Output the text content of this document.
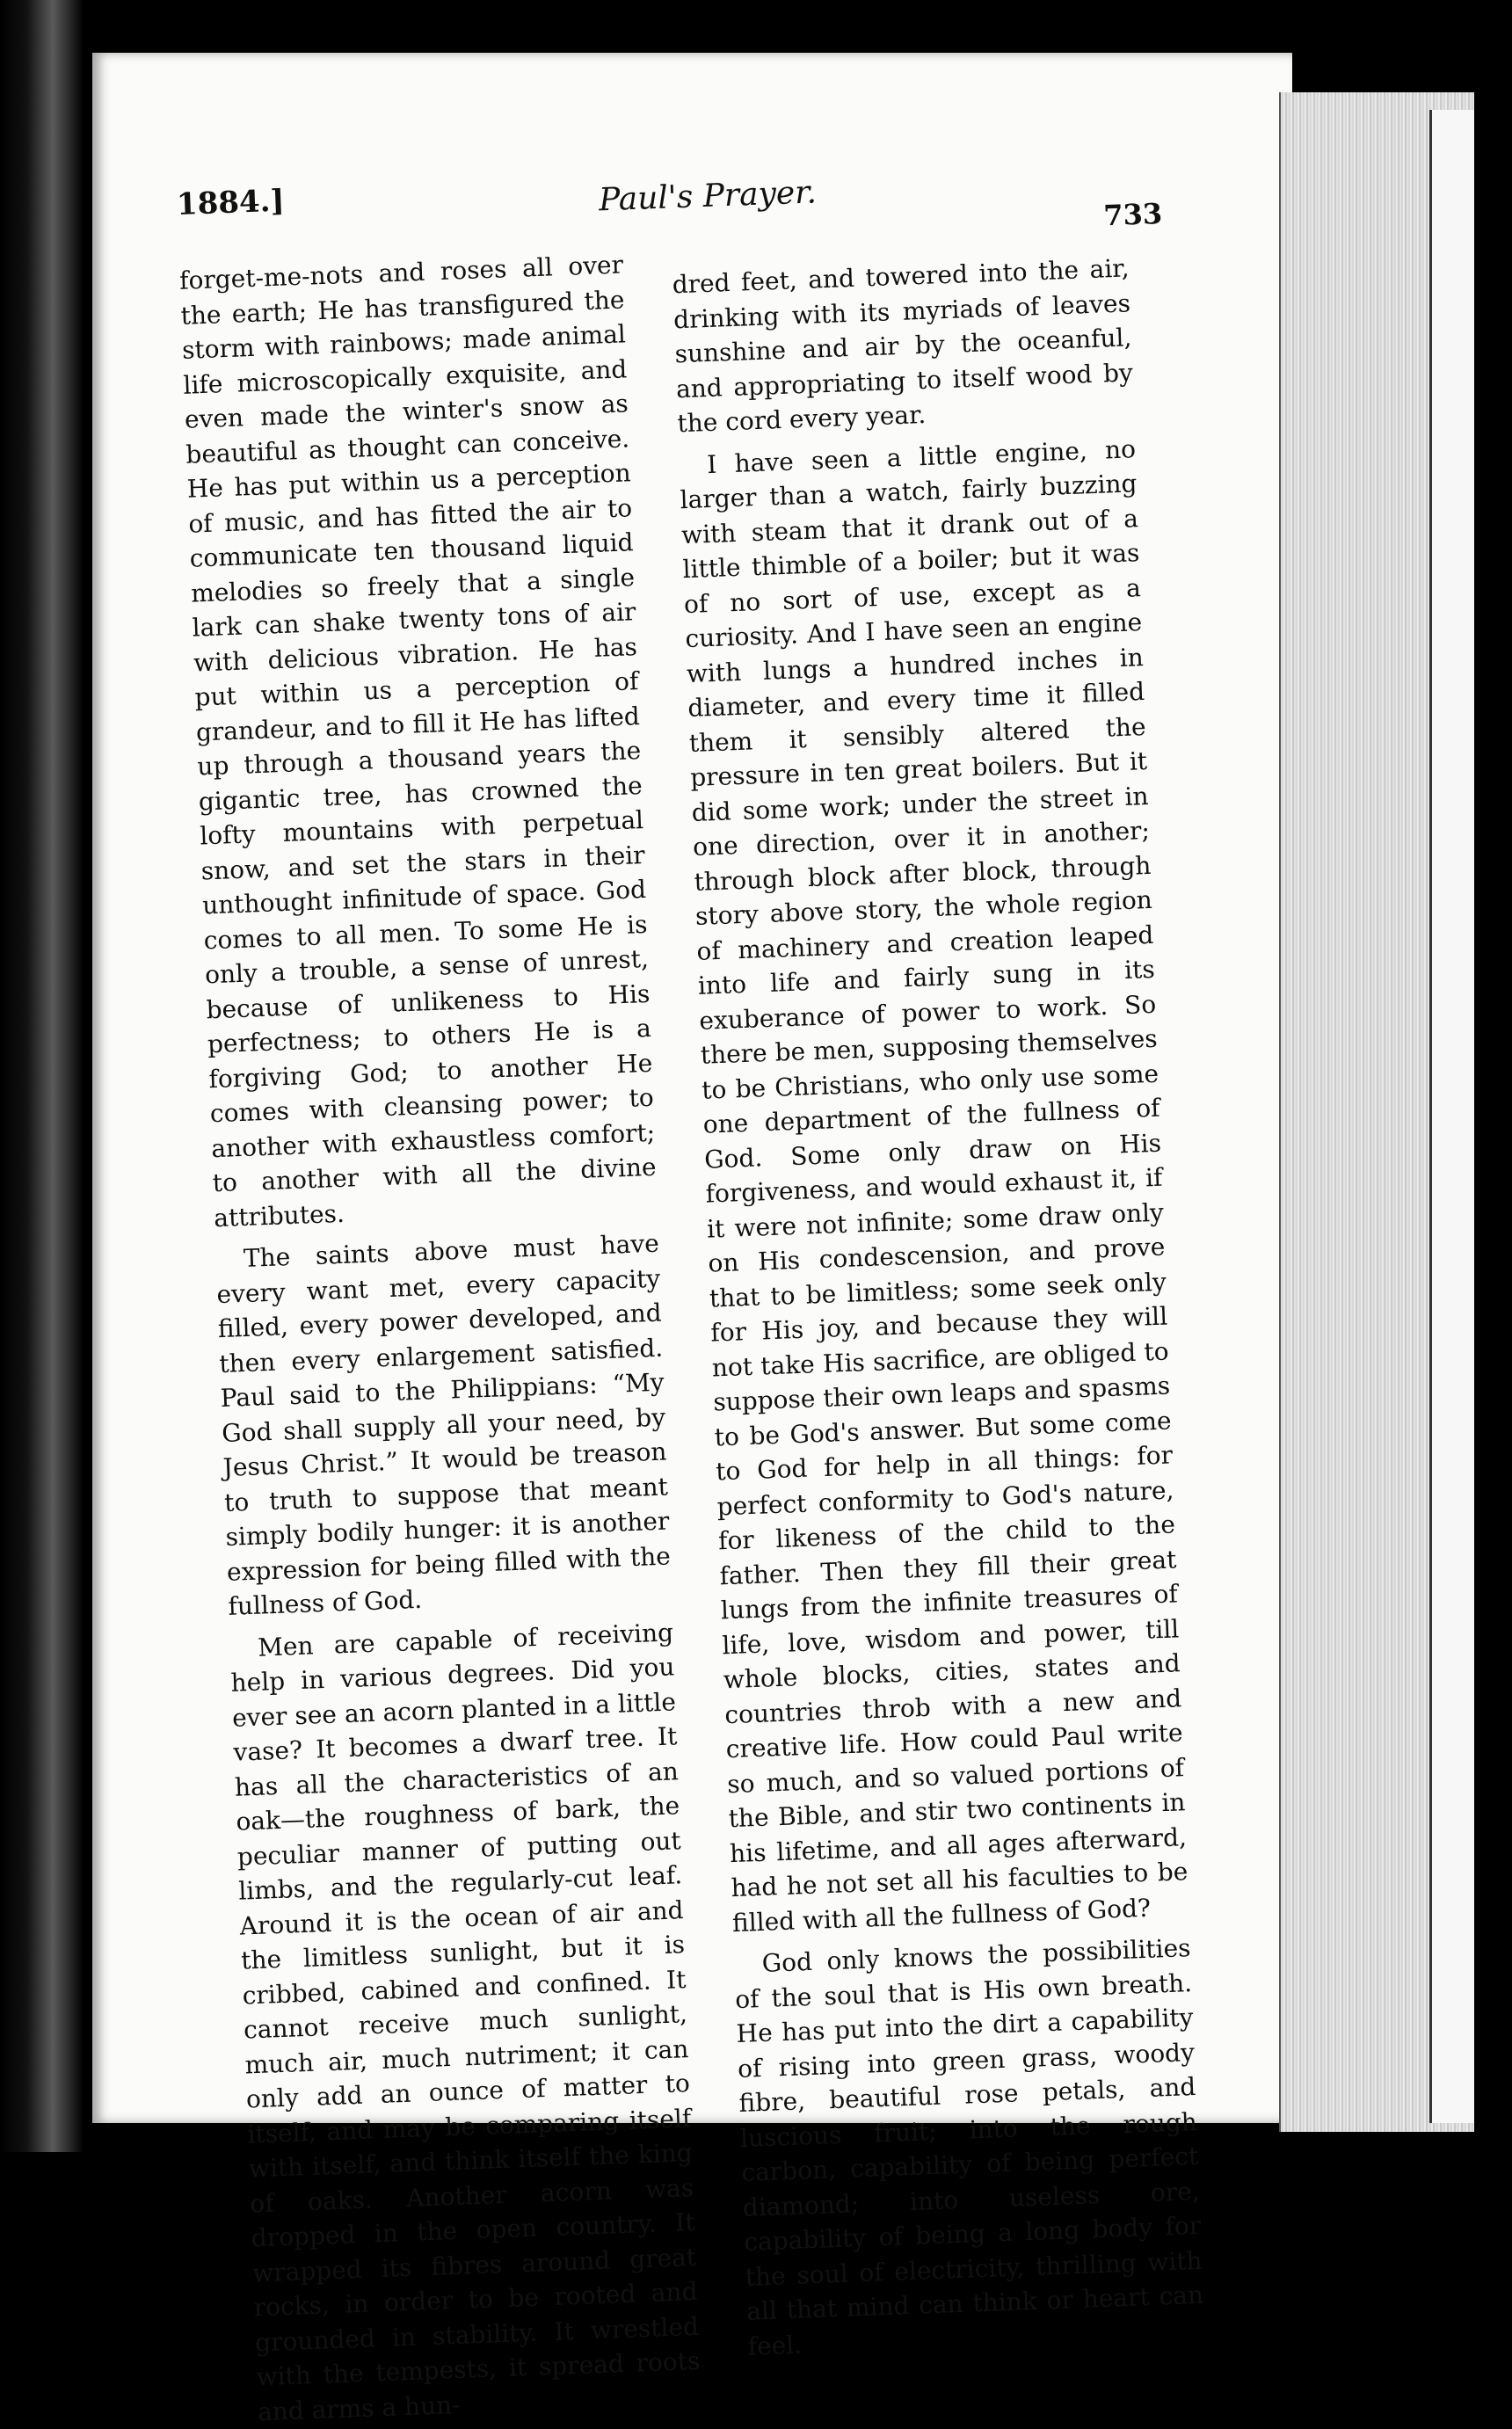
1884.]	Paul's Prayer.	733

forget-me-nots and roses all over the earth; He has transfigured the storm with rainbows; made animal life microscopically exquisite, and even made the winter's snow as beautiful as thought can conceive. He has put within us a perception of music, and has fitted the air to communicate ten thousand liquid melodies so freely that a single lark can shake twenty tons of air with delicious vibration. He has put within us a perception of grandeur, and to fill it He has lifted up through a thousand years the gigantic tree, has crowned the lofty mountains with perpetual snow, and set the stars in their unthought infinitude of space. God comes to all men. To some He is only a trouble, a sense of unrest, because of unlikeness to His perfectness; to others He is a forgiving God; to another He comes with cleansing power; to another with exhaustless comfort; to another with all the divine attributes.

The saints above must have every want met, every capacity filled, every power developed, and then every enlargement satisfied. Paul said to the Philippians: “My God shall supply all your need, by Jesus Christ.” It would be treason to truth to suppose that meant simply bodily hunger: it is another expression for being filled with the fullness of God.

Men are capable of receiving help in various degrees. Did you ever see an acorn planted in a little vase? It becomes a dwarf tree. It has all the characteristics of an oak—the roughness of bark, the peculiar manner of putting out limbs, and the regularly-cut leaf. Around it is the ocean of air and the limitless sunlight, but it is cribbed, cabined and confined. It cannot receive much sunlight, much air, much nutriment; it can only add an ounce of matter to itself, and may be comparing itself with itself, and think itself the king of oaks. Another acorn was dropped in the open country. It wrapped its fibres around great rocks, in order to be rooted and grounded in stability. It wrestled with the tempests, it spread roots and arms a hun-

dred feet, and towered into the air, drinking with its myriads of leaves sunshine and air by the oceanful, and appropriating to itself wood by the cord every year.

I have seen a little engine, no larger than a watch, fairly buzzing with steam that it drank out of a little thimble of a boiler; but it was of no sort of use, except as a curiosity. And I have seen an engine with lungs a hundred inches in diameter, and every time it filled them it sensibly altered the pressure in ten great boilers. But it did some work; under the street in one direction, over it in another; through block after block, through story above story, the whole region of machinery and creation leaped into life and fairly sung in its exuberance of power to work. So there be men, supposing themselves to be Christians, who only use some one department of the fullness of God. Some only draw on His forgiveness, and would exhaust it, if it were not infinite; some draw only on His condescension, and prove that to be limitless; some seek only for His joy, and because they will not take His sacrifice, are obliged to suppose their own leaps and spasms to be God's answer. But some come to God for help in all things: for perfect conformity to God's nature, for likeness of the child to the father. Then they fill their great lungs from the infinite treasures of life, love, wisdom and power, till whole blocks, cities, states and countries throb with a new and creative life. How could Paul write so much, and so valued portions of the Bible, and stir two continents in his lifetime, and all ages afterward, had he not set all his faculties to be filled with all the fullness of God?

God only knows the possibilities of the soul that is His own breath. He has put into the dirt a capability of rising into green grass, woody fibre, beautiful rose petals, and luscious fruit; into the rough carbon, capability of being perfect diamond; into useless ore, capability of being a long body for the soul of electricity, thrilling with all that mind can think or heart can feel.
